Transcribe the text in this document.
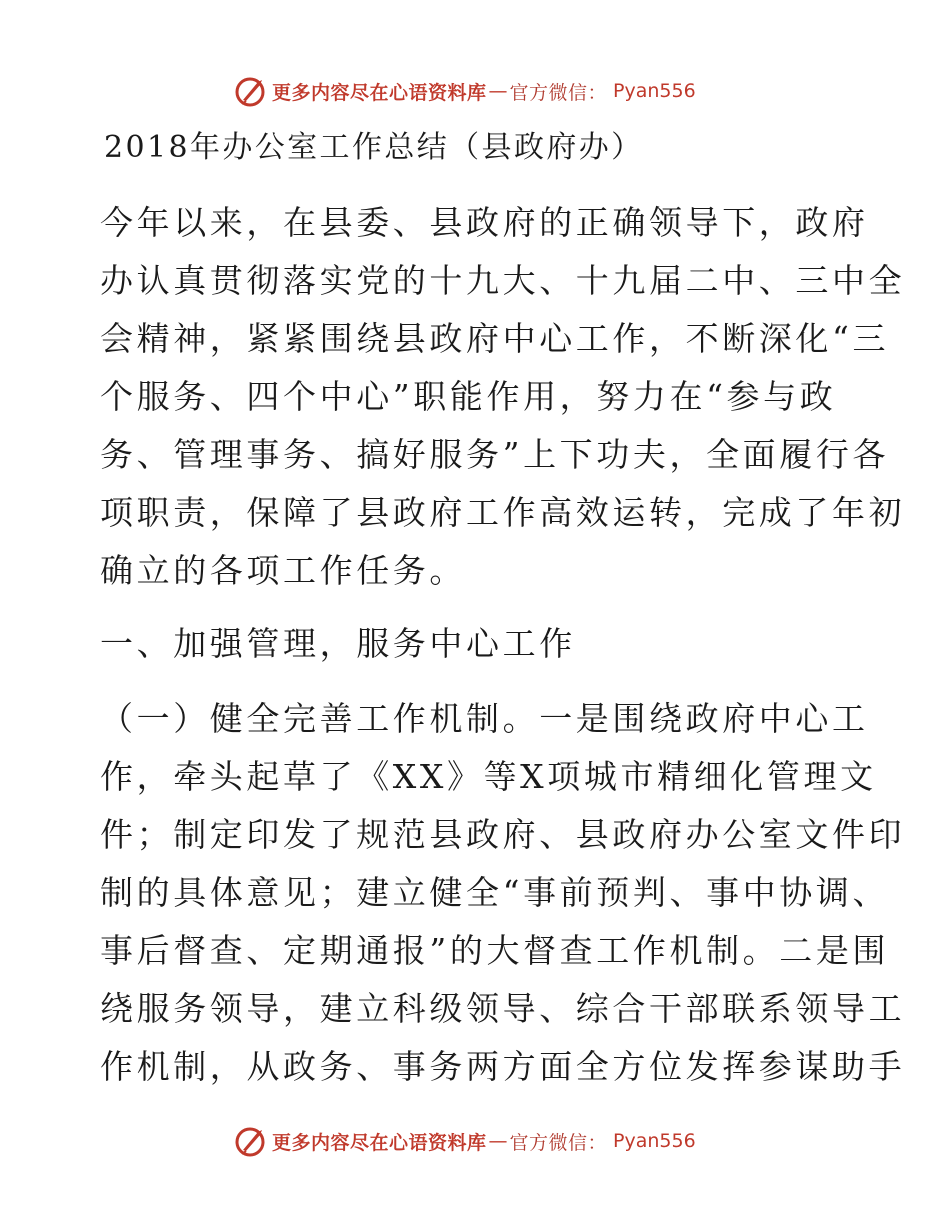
更多内容尽在心语资料库 — 官方微信： Pyan556
2018年办公室工作总结（县政府办）
今年以来，在县委、县政府的正确领导下，政府
办认真贯彻落实党的十九大、十九届二中、三中全
会精神，紧紧围绕县政府中心工作，不断深化“三
个服务、四个中心”职能作用，努力在“参与政
务、管理事务、搞好服务”上下功夫，全面履行各
项职责，保障了县政府工作高效运转，完成了年初
确立的各项工作任务。
一、加强管理，服务中心工作
（一）健全完善工作机制。一是围绕政府中心工
作，牵头起草了《XX》等X项城市精细化管理文
件；制定印发了规范县政府、县政府办公室文件印
制的具体意见；建立健全“事前预判、事中协调、
事后督查、定期通报”的大督查工作机制。二是围
绕服务领导，建立科级领导、综合干部联系领导工
作机制，从政务、事务两方面全方位发挥参谋助手
更多内容尽在心语资料库 — 官方微信： Pyan556
